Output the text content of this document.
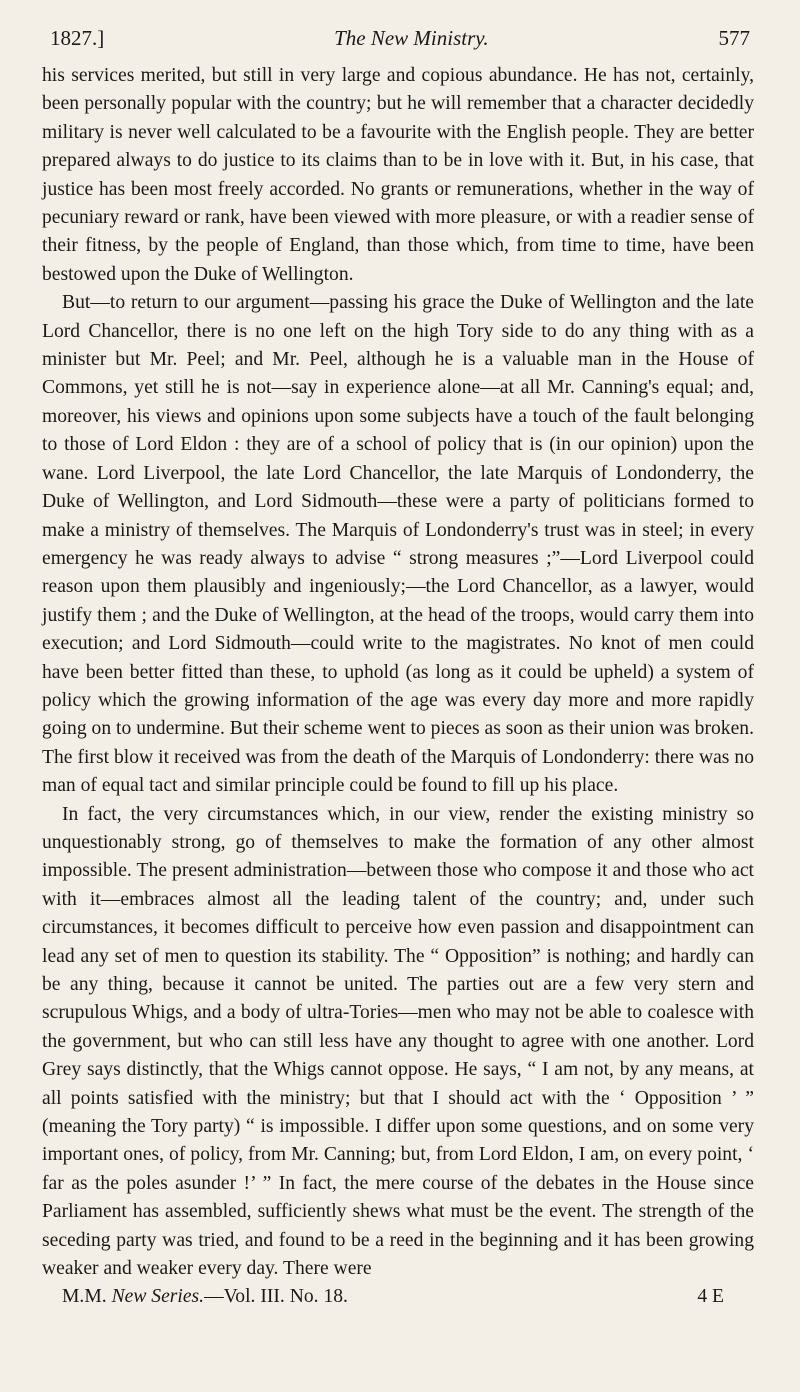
1827.]	The New Ministry.	577

his services merited, but still in very large and copious abundance. He has not, certainly, been personally popular with the country; but he will remember that a character decidedly military is never well calculated to be a favourite with the English people. They are better prepared always to do justice to its claims than to be in love with it. But, in his case, that justice has been most freely accorded. No grants or remunerations, whether in the way of pecuniary reward or rank, have been viewed with more pleasure, or with a readier sense of their fitness, by the people of England, than those which, from time to time, have been bestowed upon the Duke of Wellington.

But—to return to our argument—passing his grace the Duke of Wellington and the late Lord Chancellor, there is no one left on the high Tory side to do any thing with as a minister but Mr. Peel; and Mr. Peel, although he is a valuable man in the House of Commons, yet still he is not—say in experience alone—at all Mr. Canning's equal; and, moreover, his views and opinions upon some subjects have a touch of the fault belonging to those of Lord Eldon : they are of a school of policy that is (in our opinion) upon the wane. Lord Liverpool, the late Lord Chancellor, the late Marquis of Londonderry, the Duke of Wellington, and Lord Sidmouth—these were a party of politicians formed to make a ministry of themselves. The Marquis of Londonderry's trust was in steel; in every emergency he was ready always to advise “ strong measures ;”—Lord Liverpool could reason upon them plausibly and ingeniously;—the Lord Chancellor, as a lawyer, would justify them ; and the Duke of Wellington, at the head of the troops, would carry them into execution; and Lord Sidmouth—could write to the magistrates. No knot of men could have been better fitted than these, to uphold (as long as it could be upheld) a system of policy which the growing information of the age was every day more and more rapidly going on to undermine. But their scheme went to pieces as soon as their union was broken. The first blow it received was from the death of the Marquis of Londonderry: there was no man of equal tact and similar principle could be found to fill up his place.

In fact, the very circumstances which, in our view, render the existing ministry so unquestionably strong, go of themselves to make the formation of any other almost impossible. The present administration—between those who compose it and those who act with it—embraces almost all the leading talent of the country; and, under such circumstances, it becomes difficult to perceive how even passion and disappointment can lead any set of men to question its stability. The “ Opposition” is nothing; and hardly can be any thing, because it cannot be united. The parties out are a few very stern and scrupulous Whigs, and a body of ultra-Tories—men who may not be able to coalesce with the government, but who can still less have any thought to agree with one another. Lord Grey says distinctly, that the Whigs cannot oppose. He says, “ I am not, by any means, at all points satisfied with the ministry; but that I should act with the ‘ Opposition ’ ” (meaning the Tory party) “ is impossible. I differ upon some questions, and on some very important ones, of policy, from Mr. Canning; but, from Lord Eldon, I am, on every point, ‘ far as the poles asunder !’ ” In fact, the mere course of the debates in the House since Parliament has assembled, sufficiently shews what must be the event. The strength of the seceding party was tried, and found to be a reed in the beginning and it has been growing weaker and weaker every day. There were

M.M. New Series.—Vol. III. No. 18.	4 E
